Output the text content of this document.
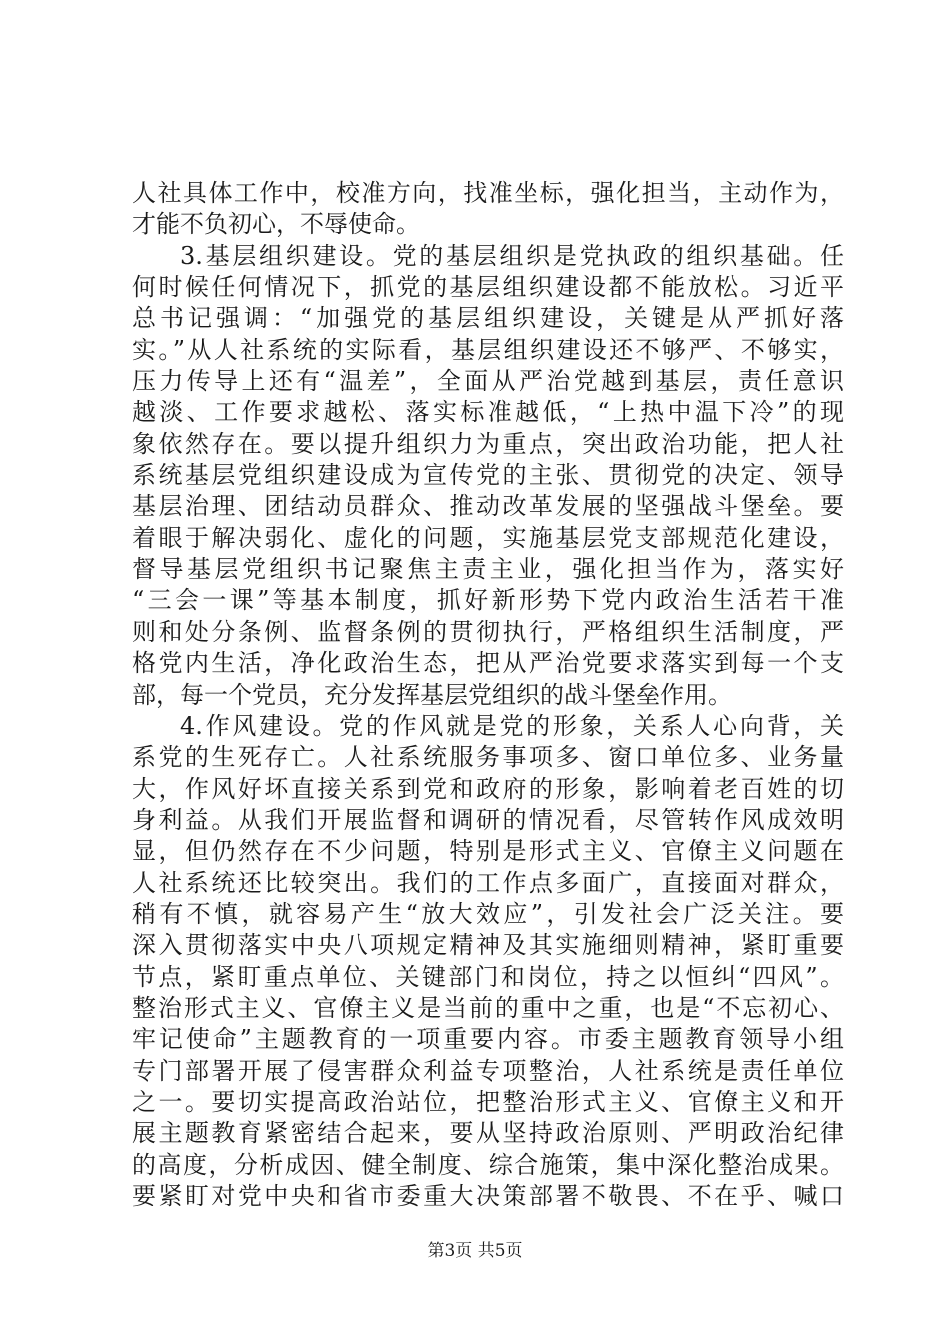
人社具体工作中，校准方向，找准坐标，强化担当，主动作为，
才能不负初心，不辱使命。
3.基层组织建设。党的基层组织是党执政的组织基础。任
何时候任何情况下，抓党的基层组织建设都不能放松。习近平
总书记强调：“加强党的基层组织建设，关键是从严抓好落
实。”从人社系统的实际看，基层组织建设还不够严、不够实，
压力传导上还有“温差”，全面从严治党越到基层，责任意识
越淡、工作要求越松、落实标准越低，“上热中温下冷”的现
象依然存在。要以提升组织力为重点，突出政治功能，把人社
系统基层党组织建设成为宣传党的主张、贯彻党的决定、领导
基层治理、团结动员群众、推动改革发展的坚强战斗堡垒。要
着眼于解决弱化、虚化的问题，实施基层党支部规范化建设，
督导基层党组织书记聚焦主责主业，强化担当作为，落实好
“三会一课”等基本制度，抓好新形势下党内政治生活若干准
则和处分条例、监督条例的贯彻执行，严格组织生活制度，严
格党内生活，净化政治生态，把从严治党要求落实到每一个支
部，每一个党员，充分发挥基层党组织的战斗堡垒作用。
4.作风建设。党的作风就是党的形象，关系人心向背，关
系党的生死存亡。人社系统服务事项多、窗口单位多、业务量
大，作风好坏直接关系到党和政府的形象，影响着老百姓的切
身利益。从我们开展监督和调研的情况看，尽管转作风成效明
显，但仍然存在不少问题，特别是形式主义、官僚主义问题在
人社系统还比较突出。我们的工作点多面广，直接面对群众，
稍有不慎，就容易产生“放大效应”，引发社会广泛关注。要
深入贯彻落实中央八项规定精神及其实施细则精神，紧盯重要
节点，紧盯重点单位、关键部门和岗位，持之以恒纠“四风”。
整治形式主义、官僚主义是当前的重中之重，也是“不忘初心、
牢记使命”主题教育的一项重要内容。市委主题教育领导小组
专门部署开展了侵害群众利益专项整治，人社系统是责任单位
之一。要切实提高政治站位，把整治形式主义、官僚主义和开
展主题教育紧密结合起来，要从坚持政治原则、严明政治纪律
的高度，分析成因、健全制度、综合施策，集中深化整治成果。
要紧盯对党中央和省市委重大决策部署不敬畏、不在乎、喊口
第3页 共5页
